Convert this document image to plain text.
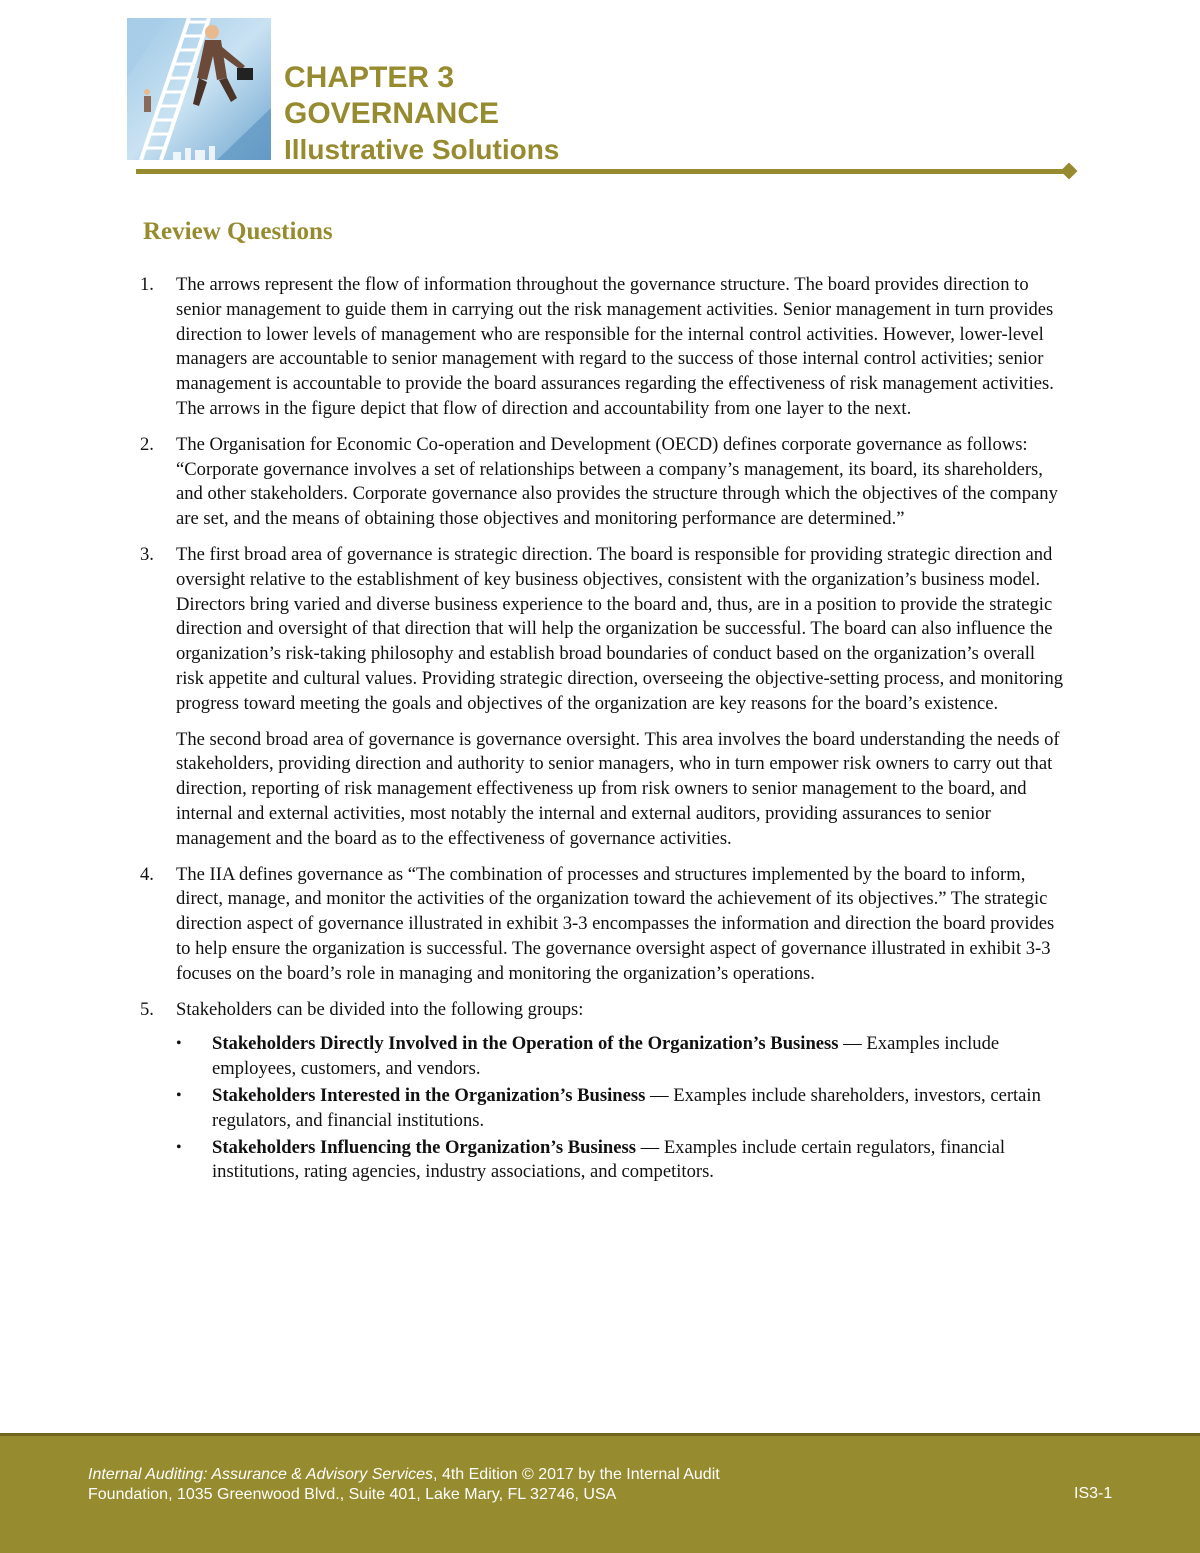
CHAPTER 3
GOVERNANCE
Illustrative Solutions
Review Questions
1.	The arrows represent the flow of information throughout the governance structure. The board provides direction to senior management to guide them in carrying out the risk management activities. Senior management in turn provides direction to lower levels of management who are responsible for the internal control activities. However, lower-level managers are accountable to senior management with regard to the success of those internal control activities; senior management is accountable to provide the board assurances regarding the effectiveness of risk management activities. The arrows in the figure depict that flow of direction and accountability from one layer to the next.

2.	The Organisation for Economic Co-operation and Development (OECD) defines corporate governance as follows: “Corporate governance involves a set of relationships between a company’s management, its board, its shareholders, and other stakeholders. Corporate governance also provides the structure through which the objectives of the company are set, and the means of obtaining those objectives and monitoring performance are determined.”

3.	The first broad area of governance is strategic direction. The board is responsible for providing strategic direction and oversight relative to the establishment of key business objectives, consistent with the organization’s business model. Directors bring varied and diverse business experience to the board and, thus, are in a position to provide the strategic direction and oversight of that direction that will help the organization be successful. The board can also influence the organization’s risk-taking philosophy and establish broad boundaries of conduct based on the organization’s overall risk appetite and cultural values. Providing strategic direction, overseeing the objective-setting process, and monitoring progress toward meeting the goals and objectives of the organization are key reasons for the board’s existence.

The second broad area of governance is governance oversight. This area involves the board understanding the needs of stakeholders, providing direction and authority to senior managers, who in turn empower risk owners to carry out that direction, reporting of risk management effectiveness up from risk owners to senior management to the board, and internal and external activities, most notably the internal and external auditors, providing assurances to senior management and the board as to the effectiveness of governance activities.

4.	The IIA defines governance as “The combination of processes and structures implemented by the board to inform, direct, manage, and monitor the activities of the organization toward the achievement of its objectives.” The strategic direction aspect of governance illustrated in exhibit 3-3 encompasses the information and direction the board provides to help ensure the organization is successful. The governance oversight aspect of governance illustrated in exhibit 3-3 focuses on the board’s role in managing and monitoring the organization’s operations.

5.	Stakeholders can be divided into the following groups:

•	Stakeholders Directly Involved in the Operation of the Organization’s Business — Examples include employees, customers, and vendors.
•	Stakeholders Interested in the Organization’s Business — Examples include shareholders, investors, certain regulators, and financial institutions.
•	Stakeholders Influencing the Organization’s Business — Examples include certain regulators, financial institutions, rating agencies, industry associations, and competitors.
Internal Auditing: Assurance & Advisory Services, 4th Edition © 2017 by the Internal Audit
Foundation, 1035 Greenwood Blvd., Suite 401, Lake Mary, FL 32746, USA	IS3-1
